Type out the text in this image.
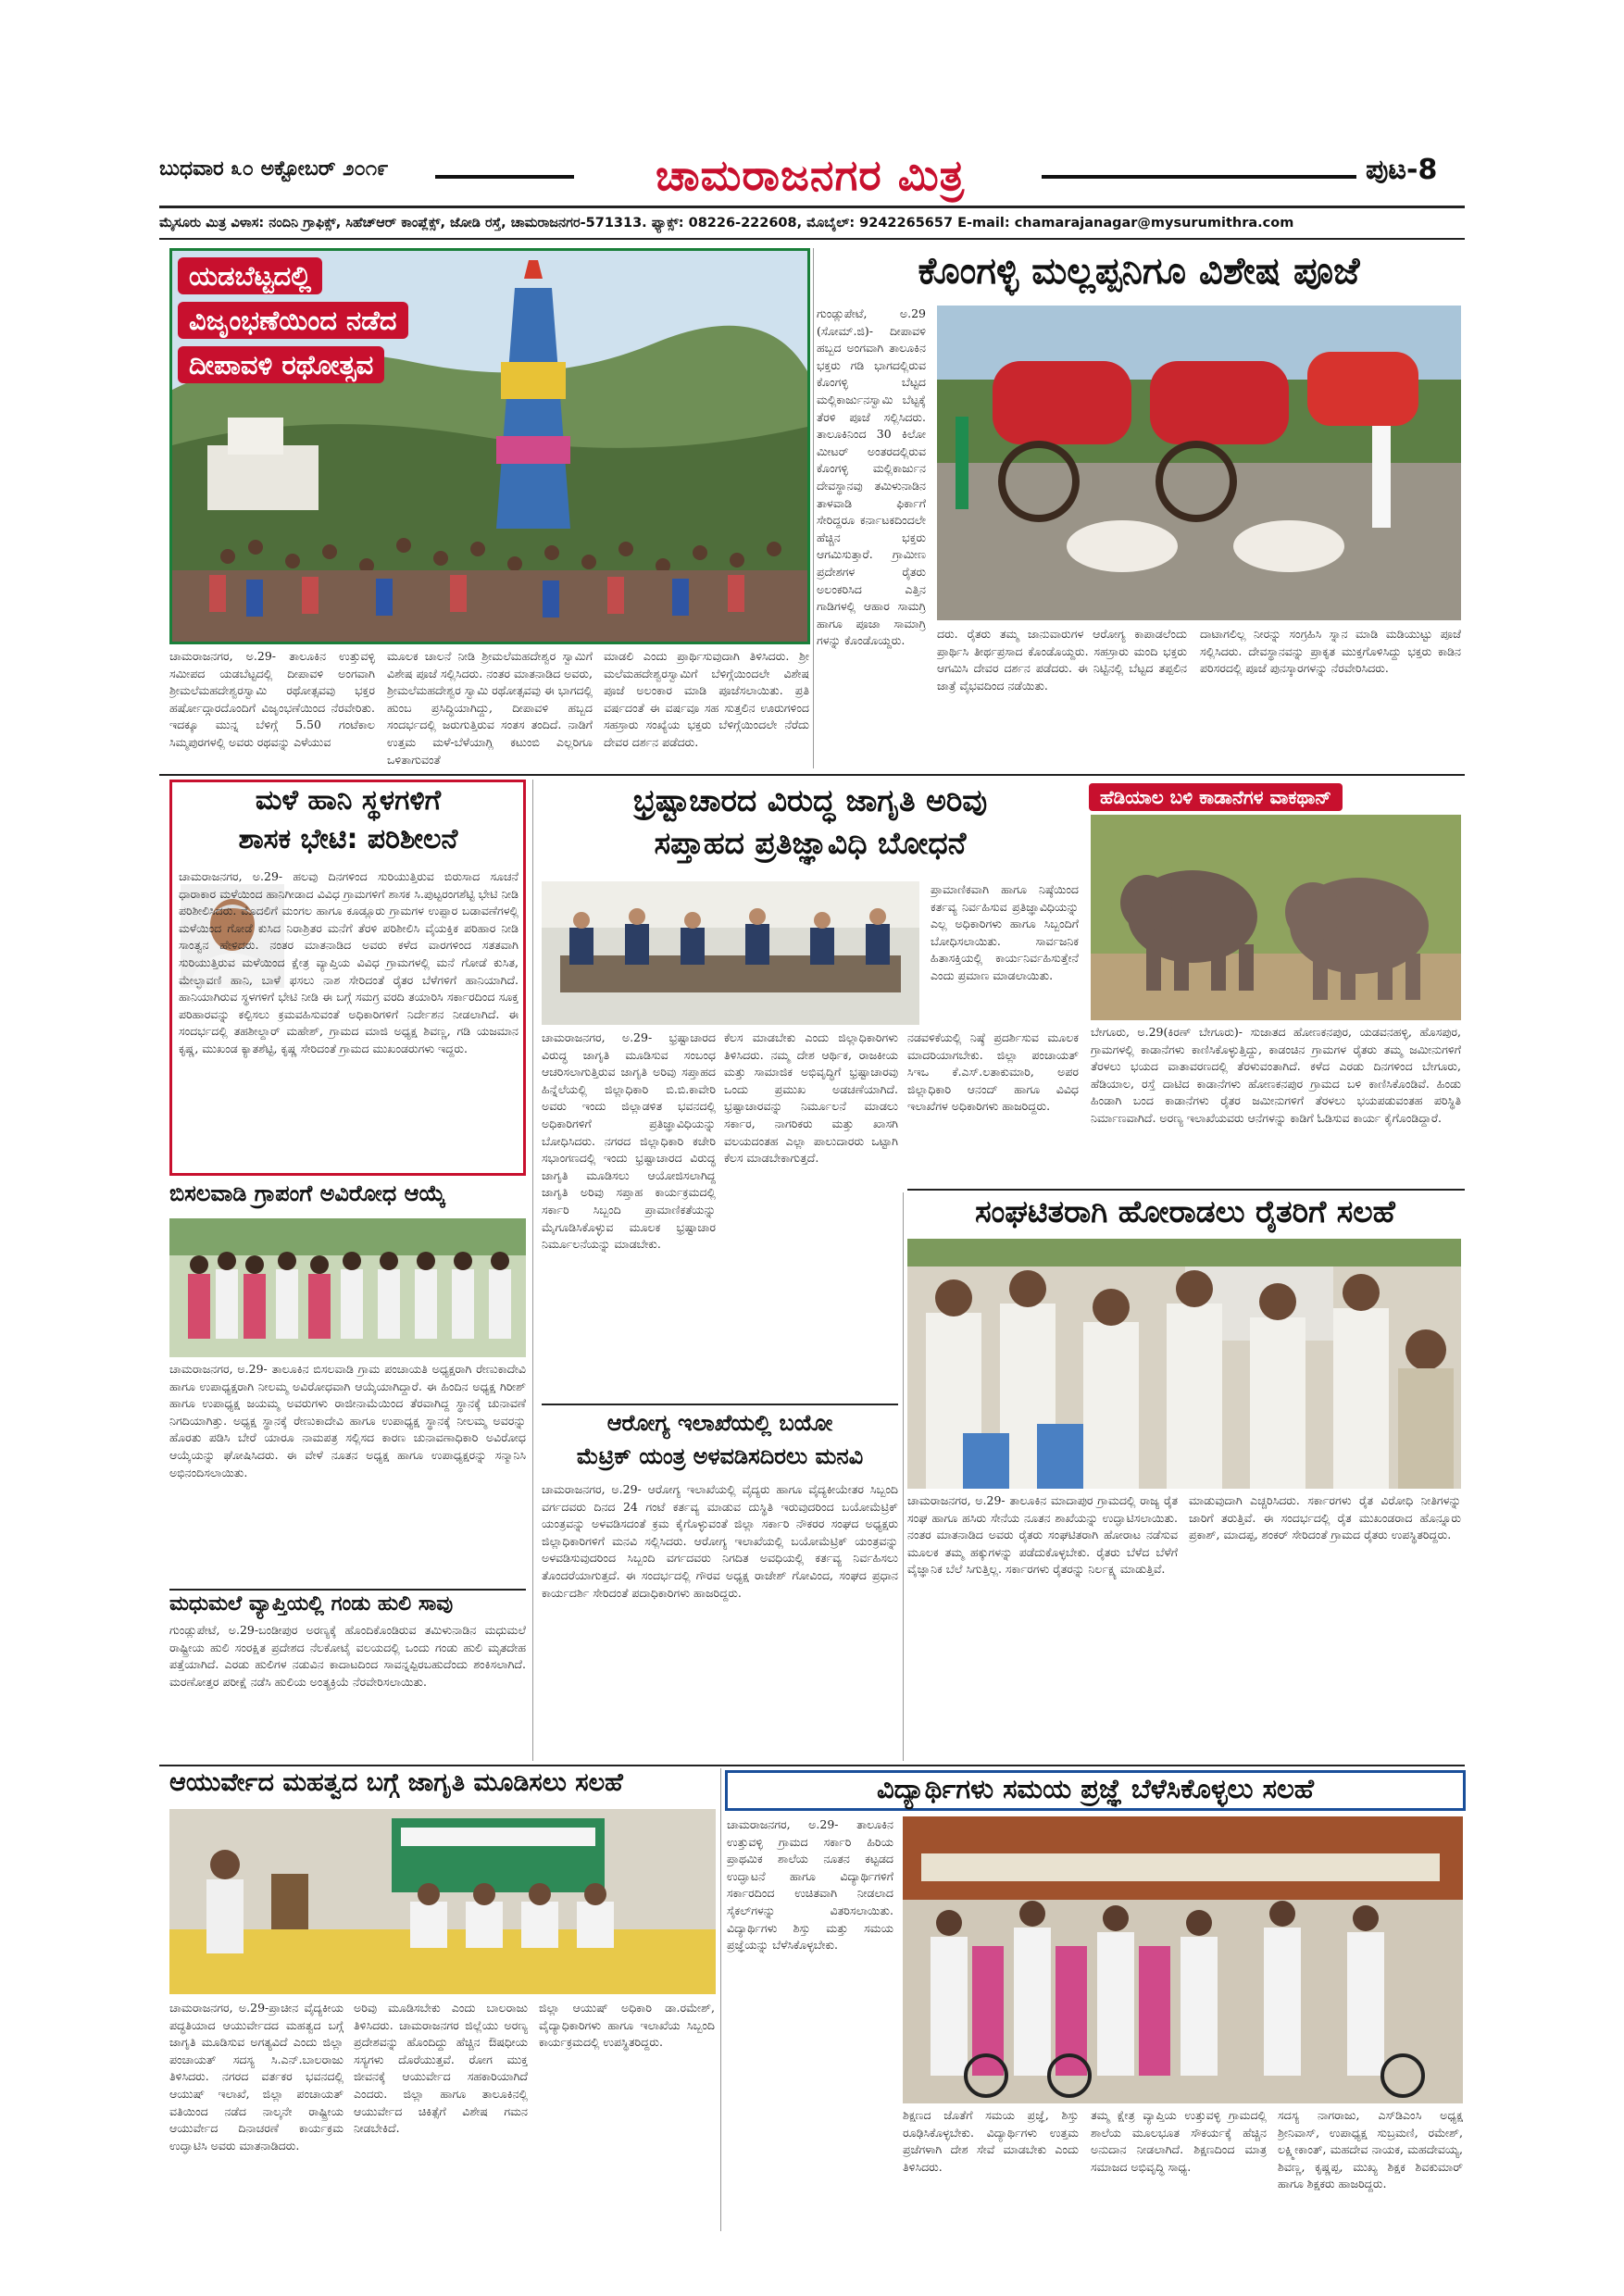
ಬುಧವಾರ ೩೦ ಅಕ್ಟೋಬರ್ ೨೦೧೯	ಚಾಮರಾಜನಗರ ಮಿತ್ರ	ಪುಟ-8
ಮೈಸೂರು ಮಿತ್ರ ವಿಳಾಸ: ನಂದಿನಿ ಗ್ರಾಫಿಕ್ಸ್, ಸಿಹೆಚ್‌ಆರ್ ಕಾಂಪ್ಲೆಕ್ಸ್, ಜೋಡಿ ರಸ್ತೆ, ಚಾಮರಾಜನಗರ-571313. ಫ್ಯಾಕ್ಸ್: 08226-222608, ಮೊಬೈಲ್: 9242265657 E-mail: chamarajanagar@mysurumithra.com
ಯಡಬೆಟ್ಟದಲ್ಲಿ
ವಿಜೃಂಭಣೆಯಿಂದ ನಡೆದ
ದೀಪಾವಳಿ ರಥೋತ್ಸವ
ಚಾಮರಾಜನಗರ, ಅ.29- ತಾಲೂಕಿನ ಉತ್ತುವಳ್ಳಿ ಸಮೀಪದ ಯಡಬೆಟ್ಟದಲ್ಲಿ ದೀಪಾವಳಿ ಅಂಗವಾಗಿ ಶ್ರೀಮಲೆಮಹದೇಶ್ವರಸ್ವಾಮಿ ರಥೋತ್ಸವವು ಭಕ್ತರ ಹರ್ಷೋದ್ಗಾರದೊಂದಿಗೆ ವಿಜೃಂಭಣೆಯಿಂದ ನೆರವೇರಿತು. ಇದಕ್ಕೂ ಮುನ್ನ ಬೆಳಿಗ್ಗೆ 5.50 ಗಂಟೆಕಾಲ ಸಿಮ್ಮಪುರಗಳಲ್ಲಿ ಅವರು ರಥವನ್ನು ಎಳೆಯುವ
ಮೂಲಕ ಚಾಲನೆ ನೀಡಿ ಶ್ರೀಮಲೆಮಹದೇಶ್ವರ ಸ್ವಾಮಿಗೆ ವಿಶೇಷ ಪೂಜೆ ಸಲ್ಲಿಸಿದರು. ನಂತರ ಮಾತನಾಡಿದ ಅವರು, ಶ್ರೀಮಲೆಮಹದೇಶ್ವರ ಸ್ವಾಮಿ ರಥೋತ್ಸವವು ಈ ಭಾಗದಲ್ಲಿ ಹುಂಬ ಪ್ರಸಿದ್ಧಿಯಾಗಿದ್ದು, ದೀಪಾವಳಿ ಹಬ್ಬದ ಸಂದರ್ಭದಲ್ಲಿ ಜರುಗುತ್ತಿರುವ ಸಂತಸ ತಂದಿದೆ. ನಾಡಿಗೆ ಉತ್ತಮ ಮಳೆ-ಬೆಳೆಯಾಗ್ಲಿ ಕಟುಂಬಿ ಎಲ್ಲರಿಗೂ ಒಳಿತಾಗುವಂತೆ
ಮಾಡಲಿ ಎಂದು ಪ್ರಾರ್ಥಿಸುವುದಾಗಿ ತಿಳಿಸಿದರು. ಶ್ರೀ ಮಲೆಮಹದೇಶ್ವರಸ್ವಾಮಿಗೆ ಬೆಳಿಗ್ಗೆಯಿಂದಲೇ ವಿಶೇಷ ಪೂಜೆ ಅಲಂಕಾರ ಮಾಡಿ ಪೂಜೆಸಲಾಯಿತು. ಪ್ರತಿ ವರ್ಷದಂತೆ ಈ ವರ್ಷವೂ ಸಹ ಸುತ್ತಲಿನ ಊರುಗಳಿಂದ ಸಹಸ್ರಾರು ಸಂಖ್ಯೆಯ ಭಕ್ತರು ಬೆಳಿಗ್ಗೆಯಿಂದಲೇ ನೆರೆದು ದೇವರ ದರ್ಶನ ಪಡೆದರು.
ಕೊಂಗಳ್ಳಿ ಮಲ್ಲಪ್ಪನಿಗೂ ವಿಶೇಷ ಪೂಜೆ
ಗುಂಡ್ಲುಪೇಟೆ, ಅ.29 (ಸೋಮ್.ಜಿ)- ದೀಪಾವಳಿ ಹಬ್ಬದ ಅಂಗವಾಗಿ ತಾಲೂಕಿನ ಭಕ್ತರು ಗಡಿ ಭಾಗದಲ್ಲಿರುವ ಕೊಂಗಳ್ಳಿ ಬೆಟ್ಟದ ಮಲ್ಲಿಕಾರ್ಜುನಸ್ವಾಮಿ ಬೆಟ್ಟಕ್ಕೆ ತೆರಳಿ ಪೂಜೆ ಸಲ್ಲಿಸಿದರು. ತಾಲೂಕಿನಿಂದ 30 ಕಿಲೋ ಮೀಟರ್ ಅಂತರದಲ್ಲಿರುವ ಕೊಂಗಳ್ಳಿ ಮಲ್ಲಿಕಾರ್ಜುನ ದೇವಸ್ಥಾನವು ತಮಿಳುನಾಡಿನ ತಾಳವಾಡಿ ಫಿರ್ಕಾಗೆ ಸೇರಿದ್ದರೂ ಕರ್ನಾಟಕದಿಂದಲೇ ಹೆಚ್ಚಿನ ಭಕ್ತರು ಆಗಮಿಸುತ್ತಾರೆ. ಗ್ರಾಮೀಣ ಪ್ರದೇಶಗಳ ರೈತರು ಅಲಂಕರಿಸಿದ ಎತ್ತಿನ ಗಾಡಿಗಳಲ್ಲಿ ಆಹಾರ ಸಾಮಗ್ರಿ ಹಾಗೂ ಪೂಜಾ ಸಾಮಾಗ್ರಿ ಗಳನ್ನು ಕೊಂಡೊಯ್ದರು.	ದರು. ರೈತರು ತಮ್ಮ ಜಾನುವಾರುಗಳ ಆರೋಗ್ಯ ಕಾಪಾಡಲೆಂದು ಪ್ರಾರ್ಥಿಸಿ ತೀರ್ಥಪ್ರಸಾದ ಕೊಂಡೊಯ್ದರು. ಸಹಸ್ರಾರು ಮಂದಿ ಭಕ್ತರು ಆಗಮಿಸಿ ದೇವರ ದರ್ಶನ ಪಡೆದರು. ಈ ನಿಟ್ಟಿನಲ್ಲಿ ಬೆಟ್ಟದ ತಪ್ಪಲಿನ ಜಾತ್ರೆ ವೈಭವದಿಂದ ನಡೆಯಿತು.
ದಾಟಾಗಲಿಲ್ಲ ನೀರನ್ನು ಸಂಗ್ರಹಿಸಿ ಸ್ನಾನ ಮಾಡಿ ಮಡಿಯುಟ್ಟು ಪೂಜೆ ಸಲ್ಲಿಸಿದರು. ದೇವಸ್ಥಾನವನ್ನು ಪ್ರಾಕೃತ ಮುಕ್ತಗೊಳಿಸಿದ್ದು ಭಕ್ತರು ಕಾಡಿನ ಪರಿಸರದಲ್ಲಿ ಪೂಜೆ ಪುನಸ್ಕಾರಗಳನ್ನು ನೆರವೇರಿಸಿದರು.
ಮಳೆ ಹಾನಿ ಸ್ಥಳಗಳಿಗೆ
ಶಾಸಕ ಭೇಟಿ: ಪರಿಶೀಲನೆ
ಚಾಮರಾಜನಗರ, ಅ.29- ಹಲವು ದಿನಗಳಿಂದ ಸುರಿಯುತ್ತಿರುವ ಬಿರುಸಾದ ಸೂಚನೆ ಧಾರಾಕಾರ ಮಳೆಯಿಂದ ಹಾನಿಗೀಡಾದ ವಿವಿಧ ಗ್ರಾಮಗಳಿಗೆ ಶಾಸಕ ಸಿ.ಪುಟ್ಟರಂಗಶೆಟ್ಟಿ ಭೇಟಿ ನೀಡಿ ಪರಿಶೀಲಿಸಿದರು. ಮೊದಲಿಗೆ ಮಂಗಲ ಹಾಗೂ ಕೂಡ್ಲೂರು ಗ್ರಾಮಗಳ ಉಪ್ಪಾರ ಬಡಾವಣೆಗಳಲ್ಲಿ ಮಳೆಯಿಂದ ಗೋಡೆ ಕುಸಿದ ನಿರಾಶ್ರಿತರ ಮನೆಗೆ ತೆರಳಿ ಪರಿಶೀಲಿಸಿ ವೈಯಕ್ತಿಕ ಪರಿಹಾರ ನೀಡಿ ಸಾಂತ್ವನ ಹೇಳಿದರು. ನಂತರ ಮಾತನಾಡಿದ ಅವರು ಕಳೆದ ವಾರಗಳಿಂದ ಸತತವಾಗಿ ಸುರಿಯುತ್ತಿರುವ ಮಳೆಯಿಂದ ಕ್ಷೇತ್ರ ವ್ಯಾಪ್ತಿಯ ವಿವಿಧ ಗ್ರಾಮಗಳಲ್ಲಿ ಮನೆ ಗೋಡೆ ಕುಸಿತ, ಮೇಲ್ಛಾವಣಿ ಹಾನಿ, ಬಾಳೆ ಫಸಲು ನಾಶ ಸೇರಿದಂತೆ ರೈತರ ಬೆಳೆಗಳಿಗೆ ಹಾನಿಯಾಗಿದೆ. ಹಾನಿಯಾಗಿರುವ ಸ್ಥಳಗಳಿಗೆ ಭೇಟಿ ನೀಡಿ ಈ ಬಗ್ಗೆ ಸಮಗ್ರ ವರದಿ ತಯಾರಿಸಿ ಸರ್ಕಾರದಿಂದ ಸೂಕ್ತ ಪರಿಹಾರವನ್ನು ಕಲ್ಪಿಸಲು ಕ್ರಮವಹಿಸುವಂತೆ ಅಧಿಕಾರಿಗಳಿಗೆ ನಿರ್ದೇಶನ ನೀಡಲಾಗಿದೆ. ಈ ಸಂದರ್ಭದಲ್ಲಿ ತಹಶೀಲ್ದಾರ್ ಮಹೇಶ್, ಗ್ರಾಮದ ಮಾಜಿ ಅಧ್ಯಕ್ಷ ಶಿವಣ್ಣ, ಗಡಿ ಯಜಮಾನ ಕೃಷ್ಣ, ಮುಖಂಡ ಕ್ಯಾತಶೆಟ್ಟಿ, ಕೃಷ್ಣ ಸೇರಿದಂತೆ ಗ್ರಾಮದ ಮುಖಂಡರುಗಳು ಇದ್ದರು.
ಭ್ರಷ್ಟಾಚಾರದ ವಿರುದ್ಧ ಜಾಗೃತಿ ಅರಿವು
ಸಪ್ತಾಹದ ಪ್ರತಿಜ್ಞಾವಿಧಿ ಬೋಧನೆ
ಪ್ರಾಮಾಣಿಕವಾಗಿ ಹಾಗೂ ನಿಷ್ಠೆಯಿಂದ ಕರ್ತವ್ಯ ನಿರ್ವಹಿಸುವ ಪ್ರತಿಜ್ಞಾವಿಧಿಯನ್ನು ಎಲ್ಲ ಅಧಿಕಾರಿಗಳು ಹಾಗೂ ಸಿಬ್ಬಂದಿಗೆ ಬೋಧಿಸಲಾಯಿತು. ಸಾರ್ವಜನಿಕ ಹಿತಾಸಕ್ತಿಯಲ್ಲಿ ಕಾರ್ಯನಿರ್ವಹಿಸುತ್ತೇನೆ ಎಂದು ಪ್ರಮಾಣ ಮಾಡಲಾಯಿತು.
ಚಾಮರಾಜನಗರ, ಅ.29- ಭ್ರಷ್ಟಾಚಾರದ ವಿರುದ್ಧ ಜಾಗೃತಿ ಮೂಡಿಸುವ ಸಂಬಂಧ ಆಚರಿಸಲಾಗುತ್ತಿರುವ ಜಾಗೃತಿ ಅರಿವು ಸಪ್ತಾಹದ ಹಿನ್ನೆಲೆಯಲ್ಲಿ ಜಿಲ್ಲಾಧಿಕಾರಿ ಬಿ.ಬಿ.ಕಾವೇರಿ ಅವರು ಇಂದು ಜಿಲ್ಲಾಡಳಿತ ಭವನದಲ್ಲಿ ಅಧಿಕಾರಿಗಳಿಗೆ ಪ್ರತಿಜ್ಞಾವಿಧಿಯನ್ನು ಬೋಧಿಸಿದರು. ನಗರದ ಜಿಲ್ಲಾಧಿಕಾರಿ ಕಚೇರಿ ಸಭಾಂಗಣದಲ್ಲಿ ಇಂದು ಭ್ರಷ್ಟಾಚಾರದ ವಿರುದ್ಧ ಜಾಗೃತಿ ಮೂಡಿಸಲು ಆಯೋಜಿಸಲಾಗಿದ್ದ ಜಾಗೃತಿ ಅರಿವು ಸಪ್ತಾಹ ಕಾರ್ಯಕ್ರಮದಲ್ಲಿ ಸರ್ಕಾರಿ ಸಿಬ್ಬಂದಿ ಪ್ರಾಮಾಣಿಕತೆಯನ್ನು ಮೈಗೂಡಿಸಿಕೊಳ್ಳುವ ಮೂಲಕ ಭ್ರಷ್ಟಾಚಾರ ನಿರ್ಮೂಲನೆಯನ್ನು ಮಾಡಬೇಕು.
ಕೆಲಸ ಮಾಡಬೇಕು ಎಂದು ಜಿಲ್ಲಾಧಿಕಾರಿಗಳು ತಿಳಿಸಿದರು. ನಮ್ಮ ದೇಶ ಆರ್ಥಿಕ, ರಾಜಕೀಯ ಮತ್ತು ಸಾಮಾಜಿಕ ಅಭಿವೃದ್ಧಿಗೆ ಭ್ರಷ್ಟಾಚಾರವು ಒಂದು ಪ್ರಮುಖ ಅಡಚಣೆಯಾಗಿದೆ. ಭ್ರಷ್ಟಾಚಾರವನ್ನು ನಿರ್ಮೂಲನೆ ಮಾಡಲು ಸರ್ಕಾರ, ನಾಗರಿಕರು ಮತ್ತು ಖಾಸಗಿ ವಲಯದಂತಹ ಎಲ್ಲಾ ಪಾಲುದಾರರು ಒಟ್ಟಾಗಿ ಕೆಲಸ ಮಾಡಬೇಕಾಗುತ್ತದೆ.
ನಡವಳಿಕೆಯಲ್ಲಿ ನಿಷ್ಠೆ ಪ್ರದರ್ಶಿಸುವ ಮೂಲಕ ಮಾದರಿಯಾಗಬೇಕು. ಜಿಲ್ಲಾ ಪಂಚಾಯತ್ ಸಿಇಒ ಕೆ.ಎಸ್.ಲತಾಕುಮಾರಿ, ಅಪರ ಜಿಲ್ಲಾಧಿಕಾರಿ ಆನಂದ್ ಹಾಗೂ ವಿವಿಧ ಇಲಾಖೆಗಳ ಅಧಿಕಾರಿಗಳು ಹಾಜರಿದ್ದರು.
ಹೆಡಿಯಾಲ ಬಳಿ ಕಾಡಾನೆಗಳ ವಾಕಥಾನ್
ಬೇಗೂರು, ಅ.29(ಕಿರಣ್ ಬೇಗೂರು)- ಸುಜಾತದ ಹೋಣಕನಪುರ, ಯಡವನಹಳ್ಳಿ, ಹೊಸಪುರ, ಗ್ರಾಮಗಳಲ್ಲಿ ಕಾಡಾನೆಗಳು ಕಾಣಿಸಿಕೊಳ್ಳುತ್ತಿದ್ದು, ಕಾಡಂಚಿನ ಗ್ರಾಮಗಳ ರೈತರು ತಮ್ಮ ಜಮೀನುಗಳಿಗೆ ತೆರಳಲು ಭಯದ ವಾತಾವರಣದಲ್ಲಿ ತೆರಳುವಂತಾಗಿದೆ. ಕಳೆದ ಎರಡು ದಿನಗಳಿಂದ ಬೇಗೂರು, ಹೆಡಿಯಾಲ, ರಸ್ತೆ ದಾಟಿದ ಕಾಡಾನೆಗಳು ಹೋಣಕನಪುರ ಗ್ರಾಮದ ಬಳಿ ಕಾಣಿಸಿಕೊಂಡಿವೆ. ಹಿಂಡು ಹಿಂಡಾಗಿ ಬಂದ ಕಾಡಾನೆಗಳು ರೈತರ ಜಮೀನುಗಳಿಗೆ ತೆರಳಲು ಭಯಪಡುವಂತಹ ಪರಿಸ್ಥಿತಿ ನಿರ್ಮಾಣವಾಗಿದೆ. ಅರಣ್ಯ ಇಲಾಖೆಯವರು ಆನೆಗಳನ್ನು ಕಾಡಿಗೆ ಓಡಿಸುವ ಕಾರ್ಯ ಕೈಗೊಂಡಿದ್ದಾರೆ.
ಬಿಸಲವಾಡಿ ಗ್ರಾಪಂಗೆ ಅವಿರೋಧ ಆಯ್ಕೆ
ಚಾಮರಾಜನಗರ, ಅ.29- ತಾಲೂಕಿನ ಬಿಸಲವಾಡಿ ಗ್ರಾಮ ಪಂಚಾಯತಿ ಅಧ್ಯಕ್ಷರಾಗಿ ರೇಣುಕಾದೇವಿ ಹಾಗೂ ಉಪಾಧ್ಯಕ್ಷರಾಗಿ ನೀಲಮ್ಮ ಅವಿರೋಧವಾಗಿ ಆಯ್ಕೆಯಾಗಿದ್ದಾರೆ. ಈ ಹಿಂದಿನ ಅಧ್ಯಕ್ಷ ಗಿರೀಶ್ ಹಾಗೂ ಉಪಾಧ್ಯಕ್ಷ ಜಯಮ್ಮ ಅವರುಗಳು ರಾಜೀನಾಮೆಯಿಂದ ತೆರವಾಗಿದ್ದ ಸ್ಥಾನಕ್ಕೆ ಚುನಾವಣೆ ನಿಗದಿಯಾಗಿತ್ತು. ಅಧ್ಯಕ್ಷ ಸ್ಥಾನಕ್ಕೆ ರೇಣುಕಾದೇವಿ ಹಾಗೂ ಉಪಾಧ್ಯಕ್ಷ ಸ್ಥಾನಕ್ಕೆ ನೀಲಮ್ಮ ಅವರನ್ನು ಹೊರತು ಪಡಿಸಿ ಬೇರೆ ಯಾರೂ ನಾಮಪತ್ರ ಸಲ್ಲಿಸದ ಕಾರಣ ಚುನಾವಣಾಧಿಕಾರಿ ಅವಿರೋಧ ಆಯ್ಕೆಯನ್ನು ಘೋಷಿಸಿದರು. ಈ ವೇಳೆ ನೂತನ ಅಧ್ಯಕ್ಷ ಹಾಗೂ ಉಪಾಧ್ಯಕ್ಷರನ್ನು ಸನ್ಮಾನಿಸಿ ಅಭಿನಂದಿಸಲಾಯಿತು.
ಮಧುಮಲೆ ವ್ಯಾಪ್ತಿಯಲ್ಲಿ ಗಂಡು ಹುಲಿ ಸಾವು
ಗುಂಡ್ಲುಪೇಟೆ, ಅ.29-ಬಂಡೀಪುರ ಅರಣ್ಯಕ್ಕೆ ಹೊಂದಿಕೊಂಡಿರುವ ತಮಿಳುನಾಡಿನ ಮಧುಮಲೆ ರಾಷ್ಟ್ರೀಯ ಹುಲಿ ಸಂರಕ್ಷಿತ ಪ್ರದೇಶದ ನೆಲಕೋಟೈ ವಲಯದಲ್ಲಿ ಒಂದು ಗಂಡು ಹುಲಿ ಮೃತದೇಹ ಪತ್ತೆಯಾಗಿದೆ. ಎರಡು ಹುಲಿಗಳ ನಡುವಿನ ಕಾದಾಟದಿಂದ ಸಾವನ್ನಪ್ಪಿರಬಹುದೆಂದು ಶಂಕಿಸಲಾಗಿದೆ. ಮರಣೋತ್ತರ ಪರೀಕ್ಷೆ ನಡೆಸಿ ಹುಲಿಯ ಅಂತ್ಯಕ್ರಿಯೆ ನೆರವೇರಿಸಲಾಯಿತು.
ಸಂಘಟಿತರಾಗಿ ಹೋರಾಡಲು ರೈತರಿಗೆ ಸಲಹೆ
ಚಾಮರಾಜನಗರ, ಅ.29- ತಾಲೂಕಿನ ಮಾದಾಪುರ ಗ್ರಾಮದಲ್ಲಿ ರಾಜ್ಯ ರೈತ ಸಂಘ ಹಾಗೂ ಹಸಿರು ಸೇನೆಯ ನೂತನ ಶಾಖೆಯನ್ನು ಉದ್ಘಾಟಿಸಲಾಯಿತು. ನಂತರ ಮಾತನಾಡಿದ ಅವರು ರೈತರು ಸಂಘಟಿತರಾಗಿ ಹೋರಾಟ ನಡೆಸುವ ಮೂಲಕ ತಮ್ಮ ಹಕ್ಕುಗಳನ್ನು ಪಡೆದುಕೊಳ್ಳಬೇಕು. ರೈತರು ಬೆಳೆದ ಬೆಳೆಗೆ ವೈಜ್ಞಾನಿಕ ಬೆಲೆ ಸಿಗುತ್ತಿಲ್ಲ. ಸರ್ಕಾರಗಳು ರೈತರನ್ನು ನಿರ್ಲಕ್ಷ್ಯ ಮಾಡುತ್ತಿವೆ.
ಮಾಡುವುದಾಗಿ ಎಚ್ಚರಿಸಿದರು. ಸರ್ಕಾರಗಳು ರೈತ ವಿರೋಧಿ ನೀತಿಗಳನ್ನು ಜಾರಿಗೆ ತರುತ್ತಿವೆ. ಈ ಸಂದರ್ಭದಲ್ಲಿ ರೈತ ಮುಖಂಡರಾದ ಹೊನ್ನೂರು ಪ್ರಕಾಶ್, ಮಾದಪ್ಪ, ಶಂಕರ್ ಸೇರಿದಂತೆ ಗ್ರಾಮದ ರೈತರು ಉಪಸ್ಥಿತರಿದ್ದರು.
ಆರೋಗ್ಯ ಇಲಾಖೆಯಲ್ಲಿ ಬಯೋ
ಮೆಟ್ರಿಕ್ ಯಂತ್ರ ಅಳವಡಿಸದಿರಲು ಮನವಿ
ಚಾಮರಾಜನಗರ, ಅ.29- ಆರೋಗ್ಯ ಇಲಾಖೆಯಲ್ಲಿ ವೈದ್ಯರು ಹಾಗೂ ವೈದ್ಯಕೀಯೇತರ ಸಿಬ್ಬಂದಿ ವರ್ಗದವರು ದಿನದ 24 ಗಂಟೆ ಕರ್ತವ್ಯ ಮಾಡುವ ದುಸ್ಥಿತಿ ಇರುವುದರಿಂದ ಬಯೋಮೆಟ್ರಿಕ್ ಯಂತ್ರವನ್ನು ಅಳವಡಿಸದಂತೆ ಕ್ರಮ ಕೈಗೊಳ್ಳುವಂತೆ ಜಿಲ್ಲಾ ಸರ್ಕಾರಿ ನೌಕರರ ಸಂಘದ ಅಧ್ಯಕ್ಷರು ಜಿಲ್ಲಾಧಿಕಾರಿಗಳಿಗೆ ಮನವಿ ಸಲ್ಲಿಸಿದರು. ಆರೋಗ್ಯ ಇಲಾಖೆಯಲ್ಲಿ ಬಯೋಮೆಟ್ರಿಕ್ ಯಂತ್ರವನ್ನು ಅಳವಡಿಸುವುದರಿಂದ ಸಿಬ್ಬಂದಿ ವರ್ಗದವರು ನಿಗದಿತ ಅವಧಿಯಲ್ಲಿ ಕರ್ತವ್ಯ ನಿರ್ವಹಿಸಲು ತೊಂದರೆಯಾಗುತ್ತದೆ. ಈ ಸಂದರ್ಭದಲ್ಲಿ ಗೌರವ ಅಧ್ಯಕ್ಷ ರಾಜೇಶ್ ಗೋವಿಂದ, ಸಂಘದ ಪ್ರಧಾನ ಕಾರ್ಯದರ್ಶಿ ಸೇರಿದಂತೆ ಪದಾಧಿಕಾರಿಗಳು ಹಾಜರಿದ್ದರು.
ಆಯುರ್ವೇದ ಮಹತ್ವದ ಬಗ್ಗೆ ಜಾಗೃತಿ ಮೂಡಿಸಲು ಸಲಹೆ
ಚಾಮರಾಜನಗರ, ಅ.29-ಪ್ರಾಚೀನ ವೈದ್ಯಕೀಯ ಪದ್ಧತಿಯಾದ ಆಯುರ್ವೇದದ ಮಹತ್ವದ ಬಗ್ಗೆ ಜಾಗೃತಿ ಮೂಡಿಸುವ ಅಗತ್ಯವಿದೆ ಎಂದು ಜಿಲ್ಲಾ ಪಂಚಾಯತ್ ಸದಸ್ಯ ಸಿ.ಎನ್.ಬಾಲರಾಜು ತಿಳಿಸಿದರು. ನಗರದ ವರ್ತಕರ ಭವನದಲ್ಲಿ ಆಯುಷ್ ಇಲಾಖೆ, ಜಿಲ್ಲಾ ಪಂಚಾಯತ್ ವತಿಯಿಂದ ನಡೆದ ನಾಲ್ಕನೇ ರಾಷ್ಟ್ರೀಯ ಆಯುರ್ವೇದ ದಿನಾಚರಣೆ ಕಾರ್ಯಕ್ರಮ ಉದ್ಘಾಟಿಸಿ ಅವರು ಮಾತನಾಡಿದರು.
ಅರಿವು ಮೂಡಿಸಬೇಕು ಎಂದು ಬಾಲರಾಜು ತಿಳಿಸಿದರು. ಚಾಮರಾಜನಗರ ಜಿಲ್ಲೆಯು ಅರಣ್ಯ ಪ್ರದೇಶವನ್ನು ಹೊಂದಿದ್ದು ಹೆಚ್ಚಿನ ಔಷಧೀಯ ಸಸ್ಯಗಳು ದೊರೆಯುತ್ತವೆ. ರೋಗ ಮುಕ್ತ ಜೀವನಕ್ಕೆ ಆಯುರ್ವೇದ ಸಹಕಾರಿಯಾಗಿದೆ ಎಂದರು. ಜಿಲ್ಲಾ ಹಾಗೂ ತಾಲೂಕಿನಲ್ಲಿ ಆಯುರ್ವೇದ ಚಿಕಿತ್ಸೆಗೆ ವಿಶೇಷ ಗಮನ ನೀಡಬೇಕಿದೆ.
ಜಿಲ್ಲಾ ಆಯುಷ್ ಅಧಿಕಾರಿ ಡಾ.ರಮೇಶ್, ವೈದ್ಯಾಧಿಕಾರಿಗಳು ಹಾಗೂ ಇಲಾಖೆಯ ಸಿಬ್ಬಂದಿ ಕಾರ್ಯಕ್ರಮದಲ್ಲಿ ಉಪಸ್ಥಿತರಿದ್ದರು.
ವಿದ್ಯಾರ್ಥಿಗಳು ಸಮಯ ಪ್ರಜ್ಞೆ ಬೆಳೆಸಿಕೊಳ್ಳಲು ಸಲಹೆ
ಚಾಮರಾಜನಗರ, ಅ.29- ತಾಲೂಕಿನ ಉತ್ತುವಳ್ಳಿ ಗ್ರಾಮದ ಸರ್ಕಾರಿ ಹಿರಿಯ ಪ್ರಾಥಮಿಕ ಶಾಲೆಯ ನೂತನ ಕಟ್ಟಡದ ಉದ್ಘಾಟನೆ ಹಾಗೂ ವಿದ್ಯಾರ್ಥಿಗಳಿಗೆ ಸರ್ಕಾರದಿಂದ ಉಚಿತವಾಗಿ ನೀಡಲಾದ ಸೈಕಲ್‌ಗಳನ್ನು ವಿತರಿಸಲಾಯಿತು. ವಿದ್ಯಾರ್ಥಿಗಳು ಶಿಸ್ತು ಮತ್ತು ಸಮಯ ಪ್ರಜ್ಞೆಯನ್ನು ಬೆಳೆಸಿಕೊಳ್ಳಬೇಕು.
ಶಿಕ್ಷಣದ ಜೊತೆಗೆ ಸಮಯ ಪ್ರಜ್ಞೆ, ಶಿಸ್ತು ರೂಢಿಸಿಕೊಳ್ಳಬೇಕು. ವಿದ್ಯಾರ್ಥಿಗಳು ಉತ್ತಮ ಪ್ರಜೆಗಳಾಗಿ ದೇಶ ಸೇವೆ ಮಾಡಬೇಕು ಎಂದು ತಿಳಿಸಿದರು.
ತಮ್ಮ ಕ್ಷೇತ್ರ ವ್ಯಾಪ್ತಿಯ ಉತ್ತುವಳ್ಳಿ ಗ್ರಾಮದಲ್ಲಿ ಶಾಲೆಯ ಮೂಲಭೂತ ಸೌಕರ್ಯಕ್ಕೆ ಹೆಚ್ಚಿನ ಅನುದಾನ ನೀಡಲಾಗಿದೆ. ಶಿಕ್ಷಣದಿಂದ ಮಾತ್ರ ಸಮಾಜದ ಅಭಿವೃದ್ಧಿ ಸಾಧ್ಯ.
ಸದಸ್ಯ ನಾಗರಾಜು, ಎಸ್‌ಡಿಎಂಸಿ ಅಧ್ಯಕ್ಷ ಶ್ರೀನಿವಾಸ್, ಉಪಾಧ್ಯಕ್ಷ ಸುಬ್ರಮಣಿ, ರಮೇಶ್, ಲಕ್ಷ್ಮೀಕಾಂತ್, ಮಹದೇವ ನಾಯಕ, ಮಹದೇವಯ್ಯ, ಶಿವಣ್ಣ, ಕೃಷ್ಣಪ್ಪ, ಮುಖ್ಯ ಶಿಕ್ಷಕ ಶಿವಕುಮಾರ್ ಹಾಗೂ ಶಿಕ್ಷಕರು ಹಾಜರಿದ್ದರು.
